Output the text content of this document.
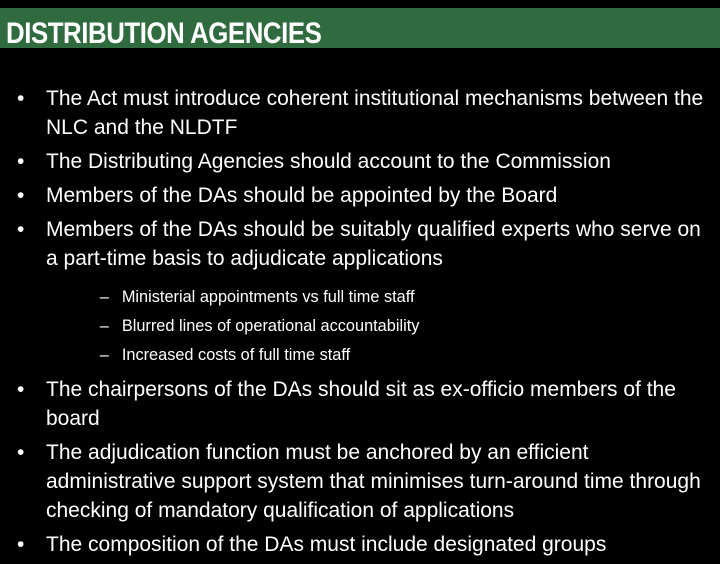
DISTRIBUTION AGENCIES
• The Act must introduce coherent institutional mechanisms between the NLC and the NLDTF
• The Distributing Agencies should account to the Commission
• Members of the DAs should be appointed by the Board
• Members of the DAs should be suitably qualified experts who serve on a part-time basis to adjudicate applications
– Ministerial appointments vs full time staff
– Blurred lines of operational accountability
– Increased costs of full time staff
• The chairpersons of the DAs should sit as ex-officio members of the board
• The adjudication function must be anchored by an efficient administrative support system that minimises turn-around time through checking of mandatory qualification of applications
• The composition of the DAs must include designated groups
